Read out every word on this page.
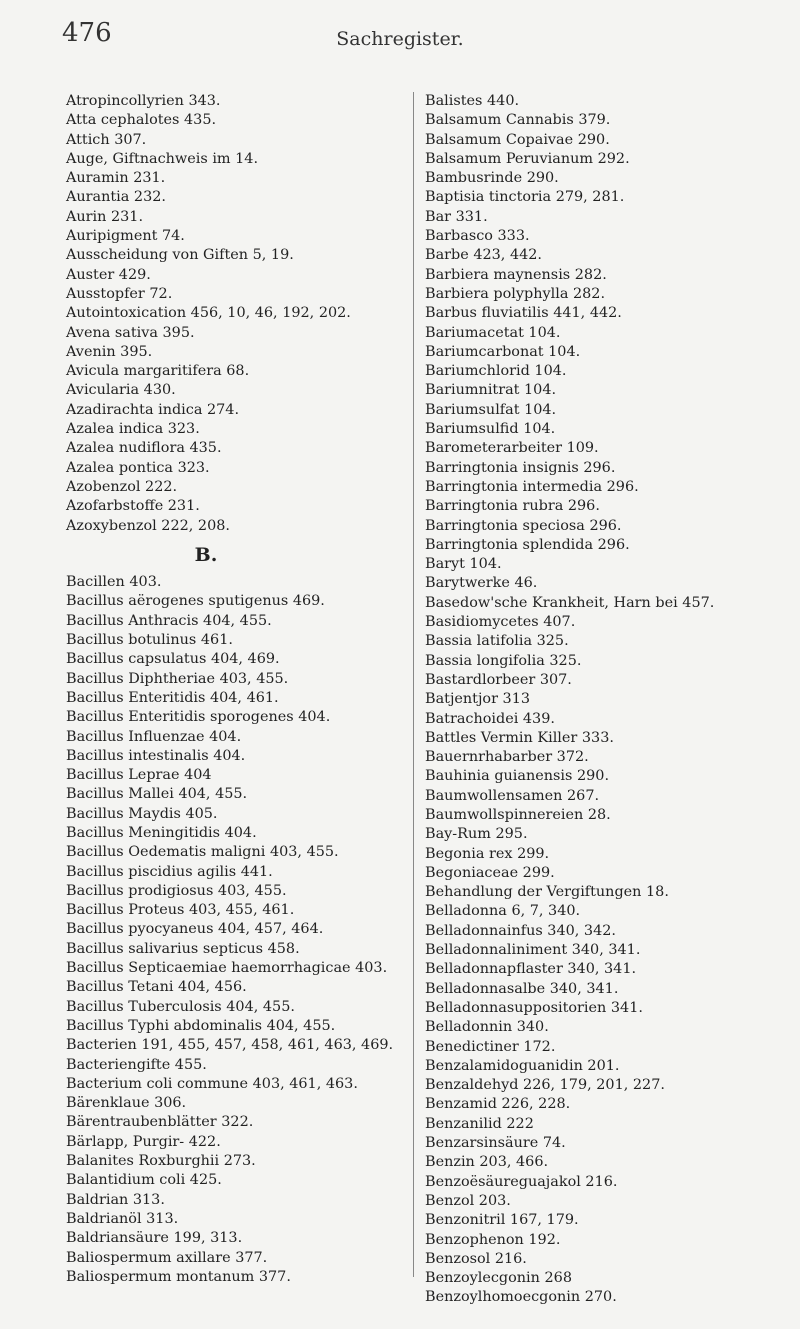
476	Sachregister.
Atropincollyrien 343.
Atta cephalotes 435.
Attich 307.
Auge, Giftnachweis im 14.
Auramin 231.
Aurantia 232.
Aurin 231.
Auripigment 74.
Ausscheidung von Giften 5, 19.
Auster 429.
Ausstopfer 72.
Autointoxication 456, 10, 46, 192, 202.
Avena sativa 395.
Avenin 395.
Avicula margaritifera 68.
Avicularia 430.
Azadirachta indica 274.
Azalea indica 323.
Azalea nudiflora 435.
Azalea pontica 323.
Azobenzol 222.
Azofarbstoffe 231.
Azoxybenzol 222, 208.
B.
Bacillen 403.
Bacillus aërogenes sputigenus 469.
Bacillus Anthracis 404, 455.
Bacillus botulinus 461.
Bacillus capsulatus 404, 469.
Bacillus Diphtheriae 403, 455.
Bacillus Enteritidis 404, 461.
Bacillus Enteritidis sporogenes 404.
Bacillus Influenzae 404.
Bacillus intestinalis 404.
Bacillus Leprae 404
Bacillus Mallei 404, 455.
Bacillus Maydis 405.
Bacillus Meningitidis 404.
Bacillus Oedematis maligni 403, 455.
Bacillus piscidius agilis 441.
Bacillus prodigiosus 403, 455.
Bacillus Proteus 403, 455, 461.
Bacillus pyocyaneus 404, 457, 464.
Bacillus salivarius septicus 458.
Bacillus Septicaemiae haemorrhagicae 403.
Bacillus Tetani 404, 456.
Bacillus Tuberculosis 404, 455.
Bacillus Typhi abdominalis 404, 455.
Bacterien 191, 455, 457, 458, 461, 463, 469.
Bacteriengifte 455.
Bacterium coli commune 403, 461, 463.
Bärenklaue 306.
Bärentraubenblätter 322.
Bärlapp, Purgir- 422.
Balanites Roxburghii 273.
Balantidium coli 425.
Baldrian 313.
Baldrianöl 313.
Baldriansäure 199, 313.
Baliospermum axillare 377.
Baliospermum montanum 377.
Balistes 440.
Balsamum Cannabis 379.
Balsamum Copaivae 290.
Balsamum Peruvianum 292.
Bambusrinde 290.
Baptisia tinctoria 279, 281.
Bar 331.
Barbasco 333.
Barbe 423, 442.
Barbiera maynensis 282.
Barbiera polyphylla 282.
Barbus fluviatilis 441, 442.
Bariumacetat 104.
Bariumcarbonat 104.
Bariumchlorid 104.
Bariumnitrat 104.
Bariumsulfat 104.
Bariumsulfid 104.
Barometerarbeiter 109.
Barringtonia insignis 296.
Barringtonia intermedia 296.
Barringtonia rubra 296.
Barringtonia speciosa 296.
Barringtonia splendida 296.
Baryt 104.
Barytwerke 46.
Basedow'sche Krankheit, Harn bei 457.
Basidiomycetes 407.
Bassia latifolia 325.
Bassia longifolia 325.
Bastardlorbeer 307.
Batjentjor 313
Batrachoidei 439.
Battles Vermin Killer 333.
Bauernrhabarber 372.
Bauhinia guianensis 290.
Baumwollensamen 267.
Baumwollspinnereien 28.
Bay-Rum 295.
Begonia rex 299.
Begoniaceae 299.
Behandlung der Vergiftungen 18.
Belladonna 6, 7, 340.
Belladonnainfus 340, 342.
Belladonnaliniment 340, 341.
Belladonnapflaster 340, 341.
Belladonnasalbe 340, 341.
Belladonnasuppositorien 341.
Belladonnin 340.
Benedictiner 172.
Benzalamidoguanidin 201.
Benzaldehyd 226, 179, 201, 227.
Benzamid 226, 228.
Benzanilid 222
Benzarsinsäure 74.
Benzin 203, 466.
Benzoësäureguajakol 216.
Benzol 203.
Benzonitril 167, 179.
Benzophenon 192.
Benzosol 216.
Benzoylecgonin 268
Benzoylhomoecgonin 270.
